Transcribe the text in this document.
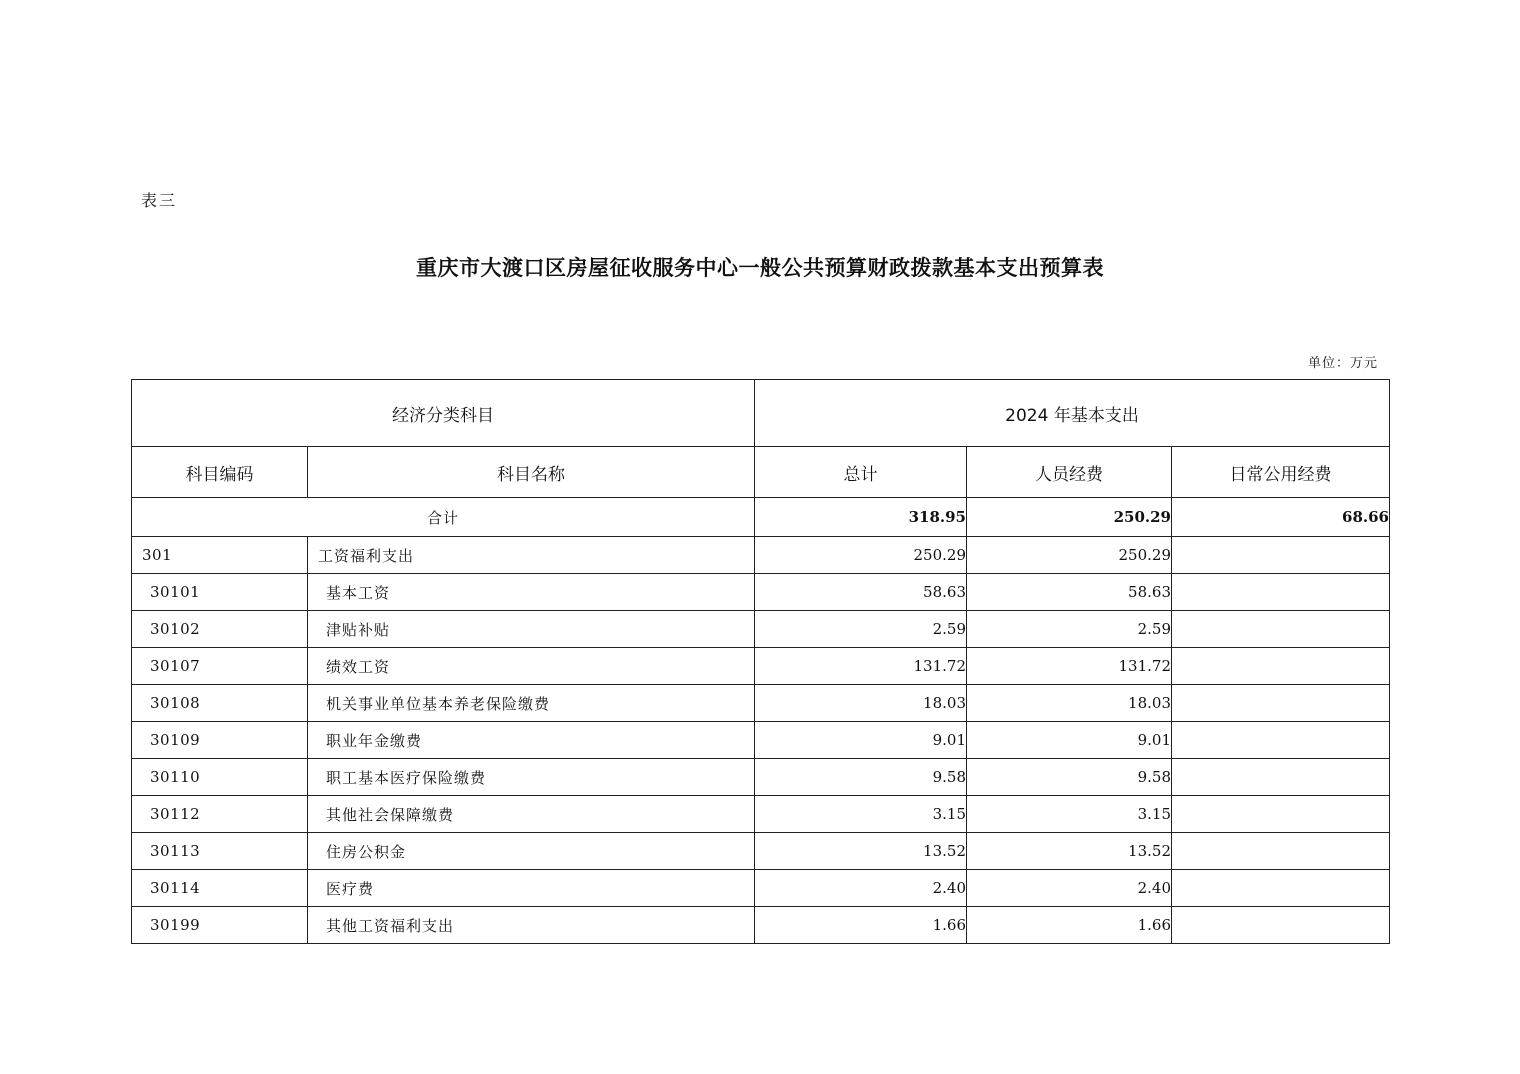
表三
重庆市大渡口区房屋征收服务中心一般公共预算财政拨款基本支出预算表
单位：万元
经济分类科目		2024 年基本支出		
科目编码	科目名称	总计	人员经费	日常公用经费
合计		318.95	250.29	68.66
301	工资福利支出	250.29	250.29	
30101	基本工资	58.63	58.63	
30102	津贴补贴	2.59	2.59	
30107	绩效工资	131.72	131.72	
30108	机关事业单位基本养老保险缴费	18.03	18.03	
30109	职业年金缴费	9.01	9.01	
30110	职工基本医疗保险缴费	9.58	9.58	
30112	其他社会保障缴费	3.15	3.15	
30113	住房公积金	13.52	13.52	
30114	医疗费	2.40	2.40	
30199	其他工资福利支出	1.66	1.66	
